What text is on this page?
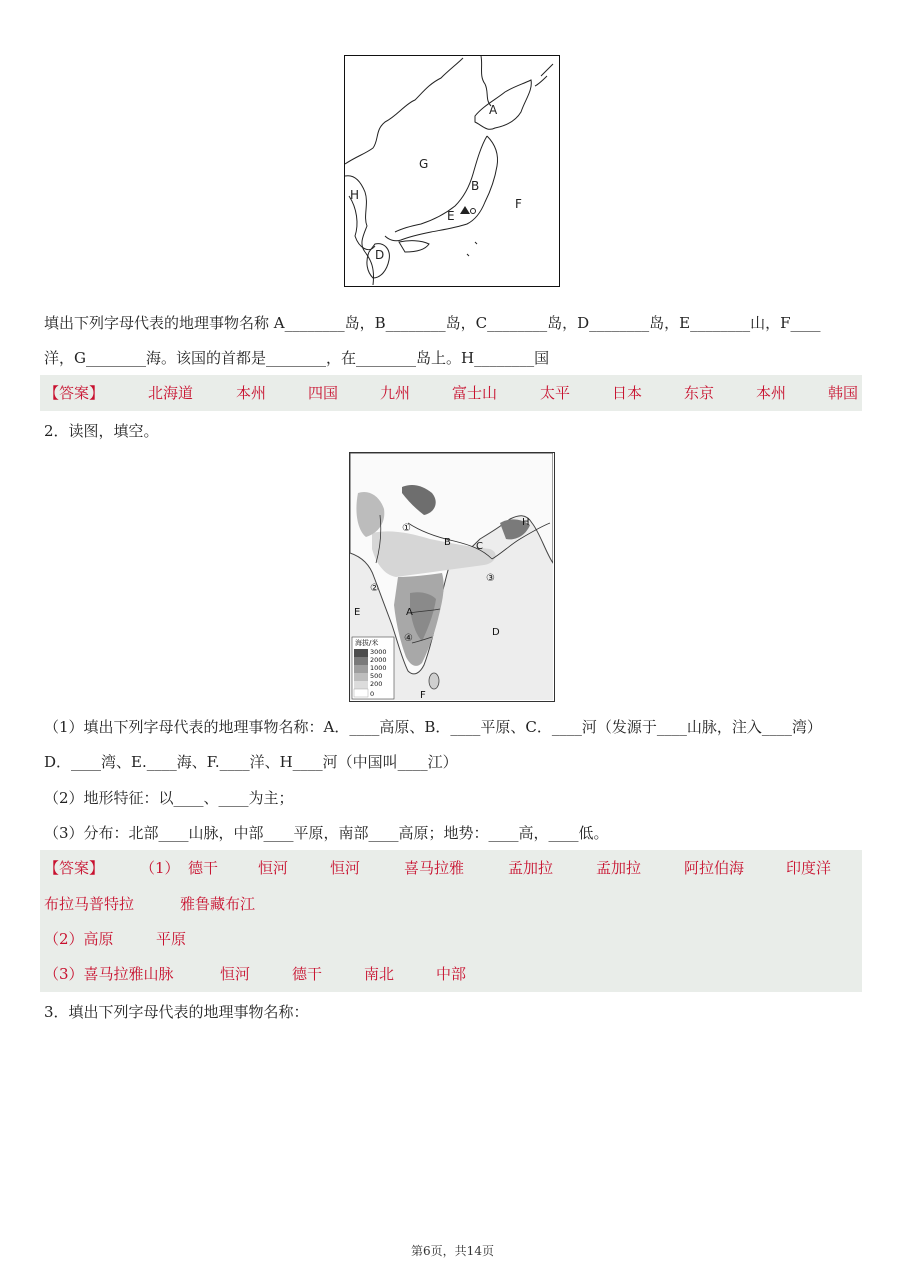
A
B
E
F
G
H
D
填出下列字母代表的地理事物名称 A________岛，B________岛，C________岛，D________岛，E________山，F____
洋，G________海。该国的首都是________，在________岛上。H________国
【答案】	北海道	本州	四国	九州	富士山	太平	日本	东京	本州	韩国
2．读图，填空。
①
②
③
④
A
B	C
D
E
F
H
海拔/米
3000
2000
1000
500
200
0
（1）填出下列字母代表的地理事物名称：A．____高原、B．____平原、C．____河（发源于____山脉，注入____湾）
D．____湾、E.____海、F.____洋、H____河（中国叫____江）
（2）地形特征：以____、____为主；
（3）分布：北部____山脉，中部____平原，南部____高原；地势：____高，____低。
【答案】 （1） 德干	恒河	恒河	喜马拉雅	孟加拉	孟加拉	阿拉伯海	印度洋
布拉马普特拉	雅鲁藏布江
（2）高原	平原
（3）喜马拉雅山脉	恒河	德干	南北	中部
3．填出下列字母代表的地理事物名称：
第6页，共14页
